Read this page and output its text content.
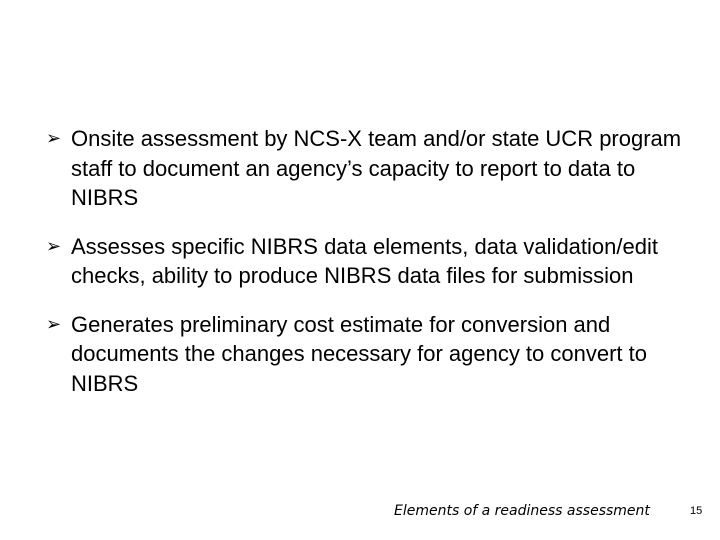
➢ Onsite assessment by NCS-X team and/or state UCR program staff to document an agency’s capacity to report to data to NIBRS
➢ Assesses specific NIBRS data elements, data validation/edit checks, ability to produce NIBRS data files for submission
➢ Generates preliminary cost estimate for conversion and documents the changes necessary for agency to convert to NIBRS
Elements of a readiness assessment	15
